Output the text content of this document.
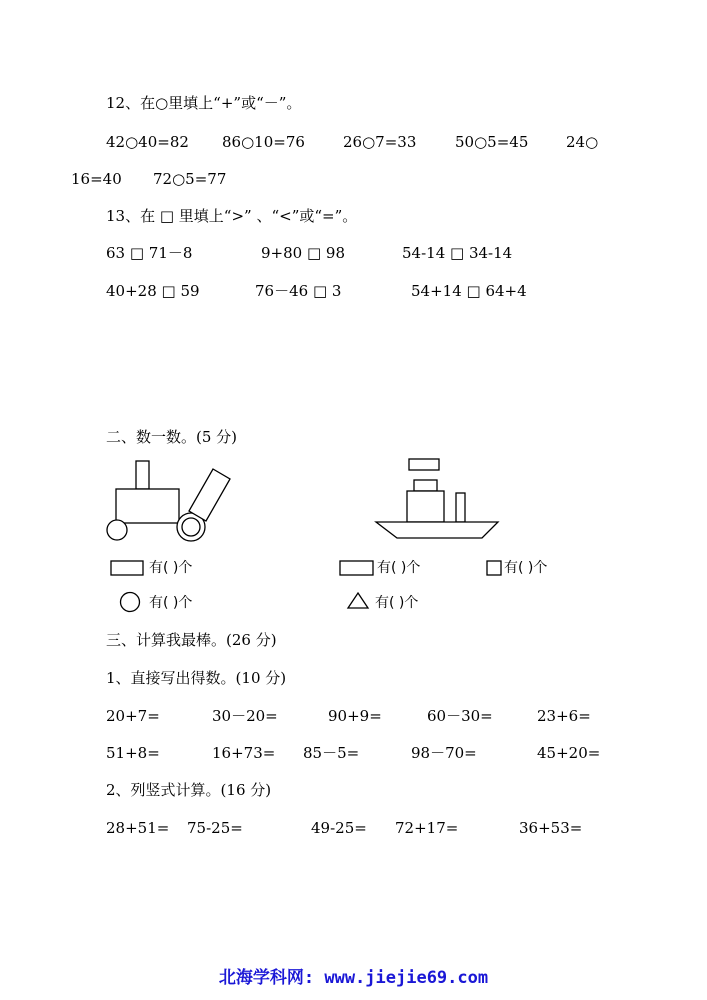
12、在○里填上“+”或“－”。
42○40=82 86○10=76	26○7=33	50○5=45	24○
16=40 72○5=77
13、在 □ 里填上“>” 、“<”或“=”。
63 □ 71－8	9+80 □ 98	54-14 □ 34-14
40+28 □ 59	76－46 □ 3	54+14 □ 64+4
二、数一数。(5 分)
有( )个	有( )个	有( )个
有( )个	有( )个
三、计算我最棒。(26 分)
1、直接写出得数。(10 分)
20+7=	30－20=	90+9=	60－30=	23+6=
51+8=	16+73= 85－5=	98－70=	45+20=
2、列竖式计算。(16 分)
28+51= 75-25=	49-25= 72+17=	36+53=
北海学科网: www.jiejie69.com
